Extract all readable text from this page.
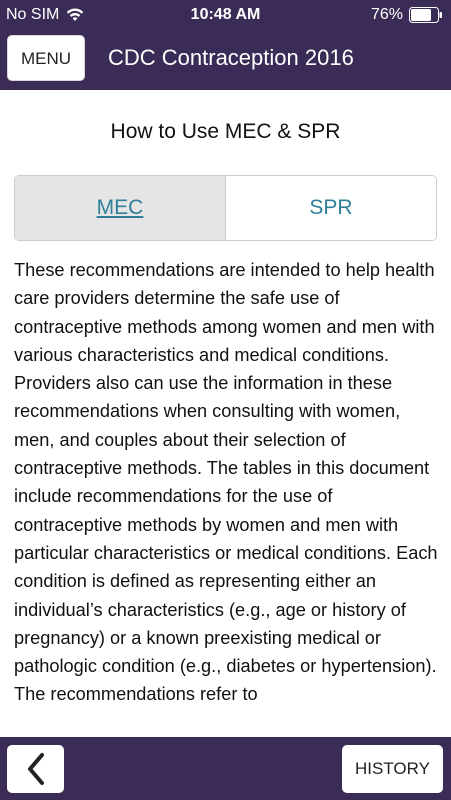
No SIM	10:48 AM	76%
MENU	CDC Contraception 2016
How to Use MEC & SPR
MEC	SPR
These recommendations are intended to help health care providers determine the safe use of contraceptive methods among women and men with various characteristics and medical conditions. Providers also can use the information in these recommendations when consulting with women, men, and couples about their selection of contraceptive methods. The tables in this document include recommendations for the use of contraceptive methods by women and men with particular characteristics or medical conditions. Each condition is defined as representing either an individual’s characteristics (e.g., age or history of pregnancy) or a known preexisting medical or pathologic condition (e.g., diabetes or hypertension). The recommendations refer to
HISTORY
